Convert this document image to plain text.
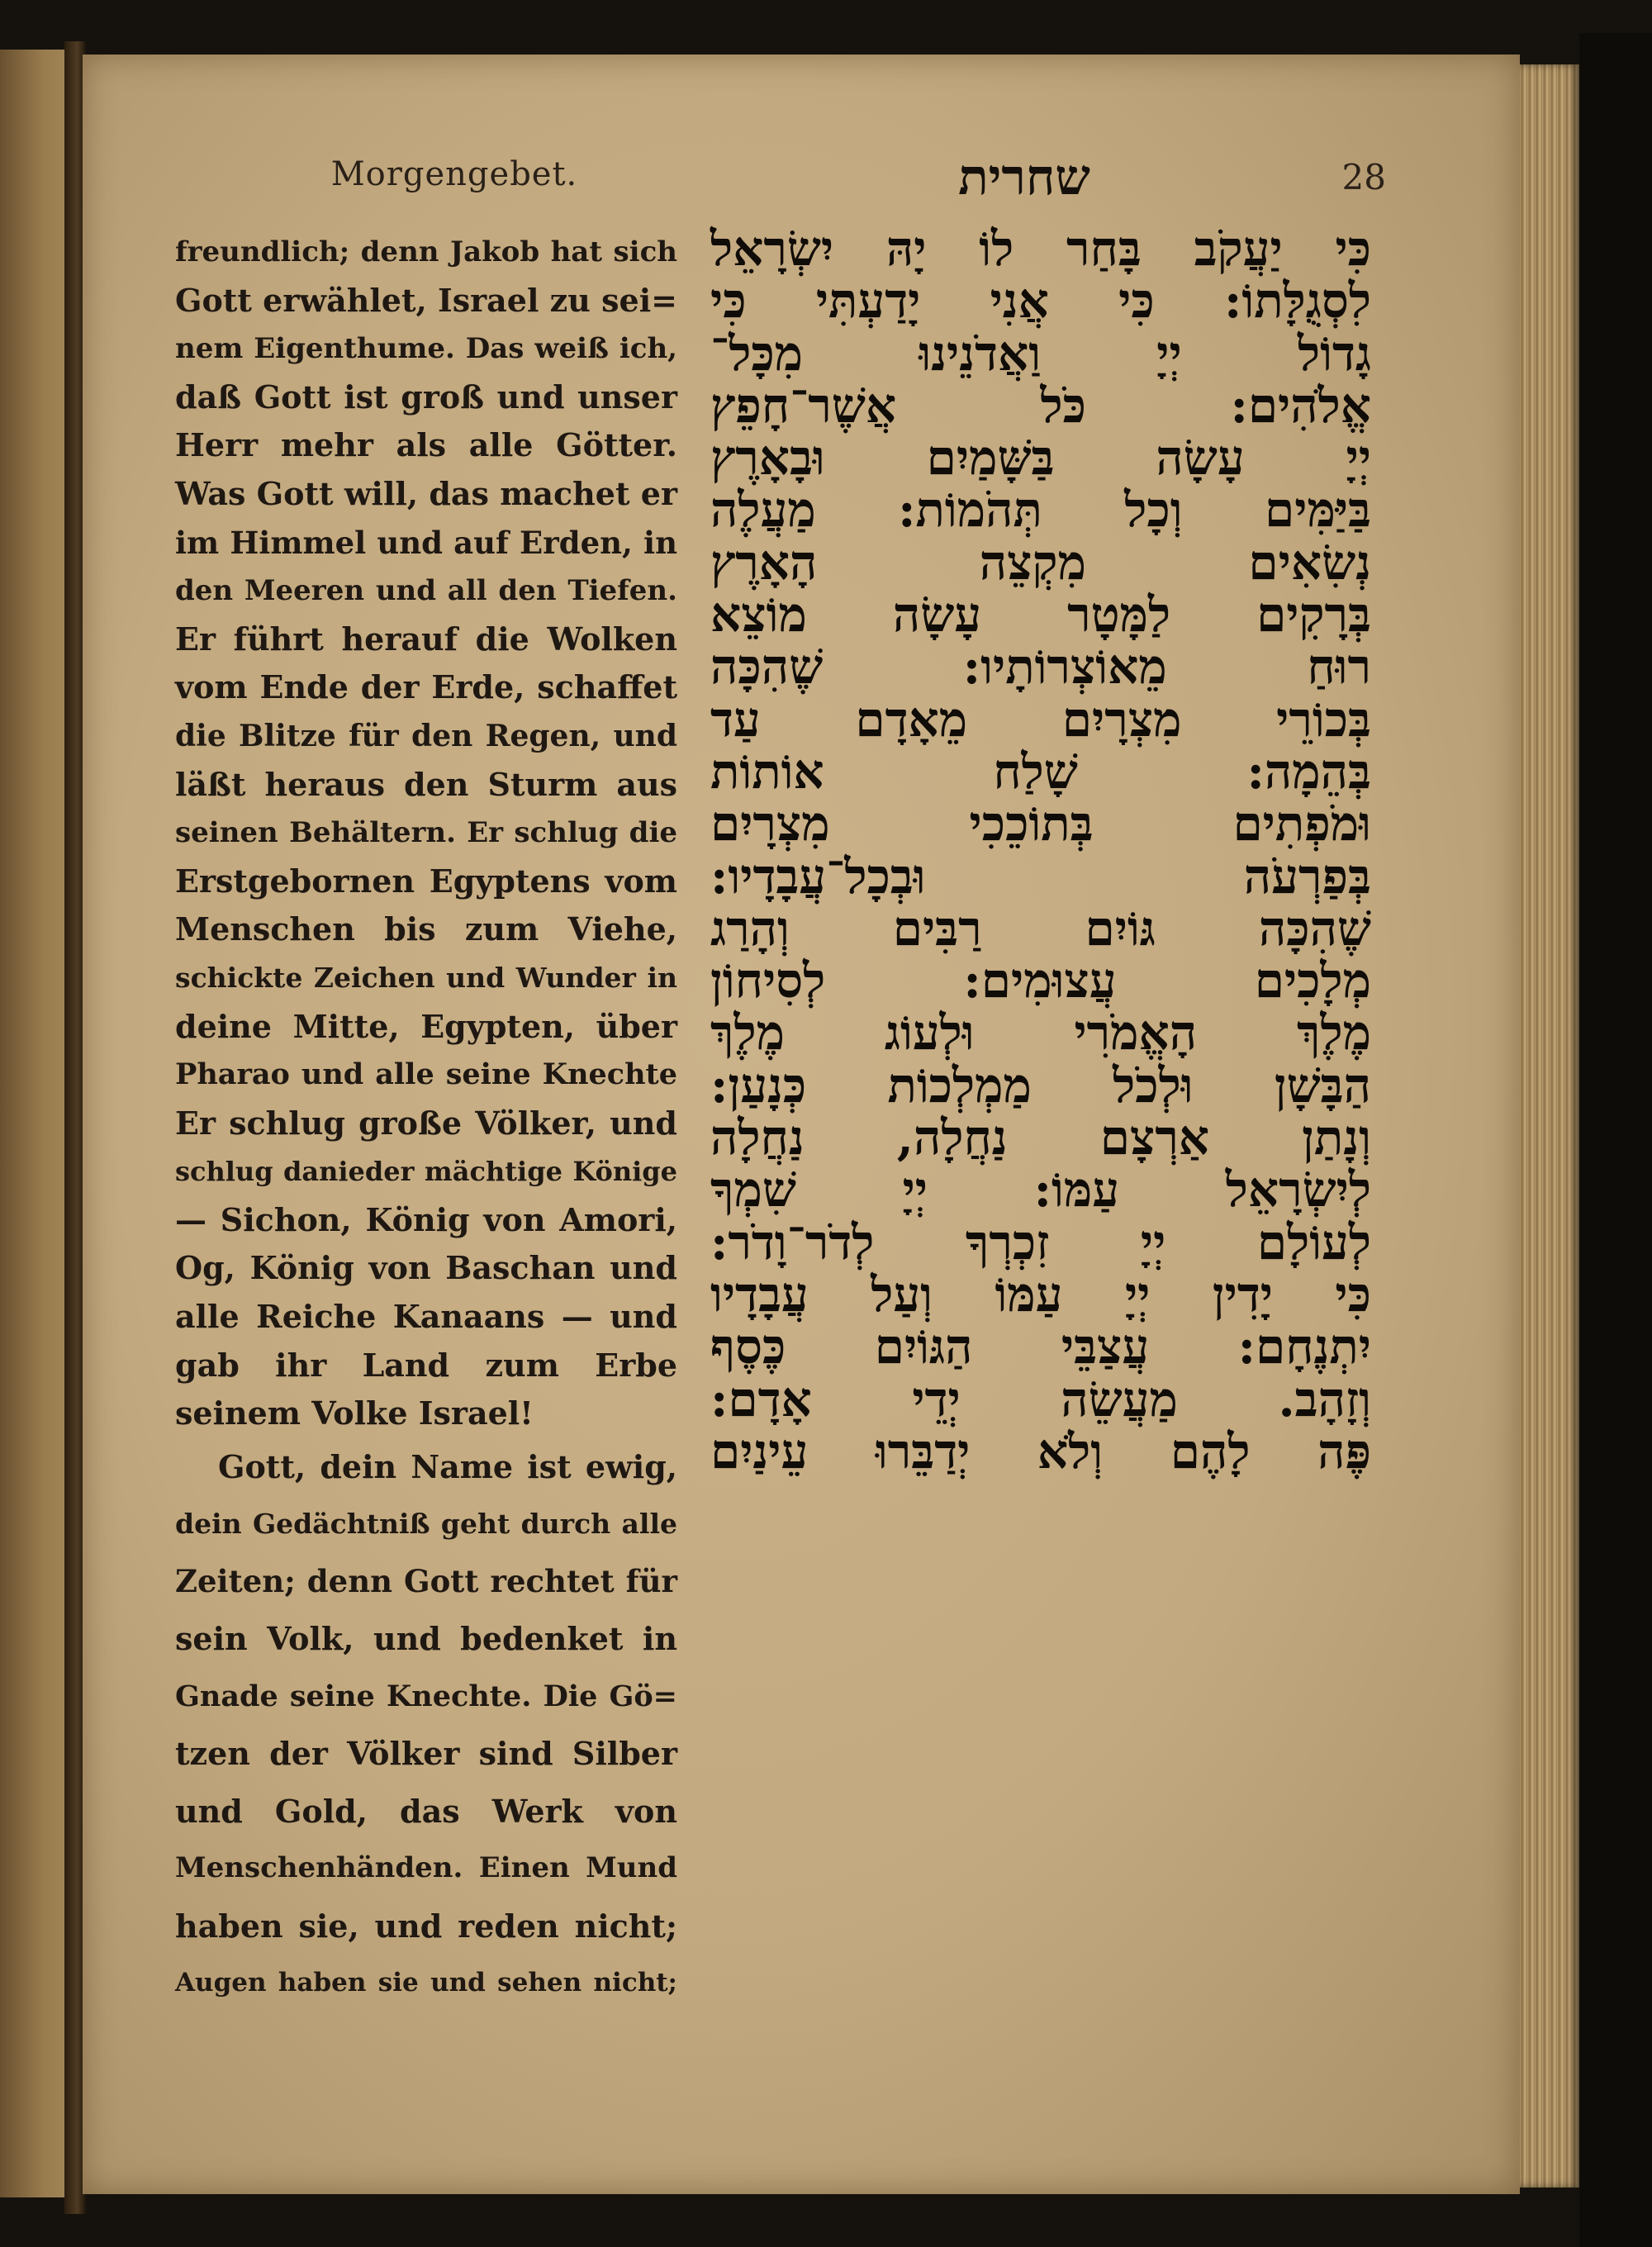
Morgengebet.	שחרית	28
freundlich; denn Jakob hat sich
Gott erwählet, Israel zu sei=
nem Eigenthume. Das weiß ich,
daß Gott ist groß und unser
Herr mehr als alle Götter.
Was Gott will, das machet er
im Himmel und auf Erden, in
den Meeren und all den Tiefen.
Er führt herauf die Wolken
vom Ende der Erde, schaffet
die Blitze für den Regen, und
läßt heraus den Sturm aus
seinen Behältern. Er schlug die
Erstgebornen Egyptens vom
Menschen bis zum Viehe,
schickte Zeichen und Wunder in
deine Mitte, Egypten, über
Pharao und alle seine Knechte
Er schlug große Völker, und
schlug danieder mächtige Könige
— Sichon, König von Amori,
Og, König von Baschan und
alle Reiche Kanaans — und
gab ihr Land zum Erbe
seinem Volke Israel!
Gott, dein Name ist ewig,
dein Gedächtniß geht durch alle
Zeiten; denn Gott rechtet für
sein Volk, und bedenket in
Gnade seine Knechte. Die Gö=
tzen der Völker sind Silber
und Gold, das Werk von
Menschenhänden. Einen Mund
haben sie, und reden nicht;
Augen haben sie und sehen nicht;
כִּי יַעֲקֹב בָּחַר לוֹ יָהּ יִשְׂרָאֵל
לִסְגֻלָּתוֹ: כִּי אֲנִי יָדַעְתִּי כִּי
גָדוֹל יְיָ וַאֲדֹנֵינוּ מִכָּל־
אֱלֹהִים: כֹּל אֲשֶׁר־חָפֵץ
יְיָ עָשָׂה בַּשָּׁמַיִם וּבָאָרֶץ
בַּיַּמִּים וְכָל תְּהֹמוֹת: מַעֲלֶה
נְשִׂאִים מִקְצֵה הָאָרֶץ
בְּרָקִים לַמָּטָר עָשָׂה מוֹצֵא
רוּחַ מֵאוֹצְרוֹתָיו: שֶׁהִכָּה
בְּכוֹרֵי מִצְרָיִם מֵאָדָם עַד
בְּהֵמָה: שָׁלַח אוֹתוֹת
וּמֹפְתִים בְּתוֹכֵכִי מִצְרָיִם
בְּפַרְעֹה וּבְכָל־עֲבָדָיו:
שֶׁהִכָּה גּוֹיִם רַבִּים וְהָרַג
מְלָכִים עֲצוּמִים: לְסִיחוֹן
מֶלֶךְ הָאֱמֹרִי וּלְעוֹג מֶלֶךְ
הַבָּשָׁן וּלְכֹל מַמְלְכוֹת כְּנָעַן:
וְנָתַן אַרְצָם נַחֲלָה, נַחֲלָה
לְיִשְׂרָאֵל עַמּוֹ: יְיָ שִׁמְךָ
לְעוֹלָם יְיָ זִכְרְךָ לְדֹר־וָדֹר:
כִּי יָדִין יְיָ עַמּוֹ וְעַל עֲבָדָיו
יִתְנֶחָם: עֲצַבֵּי הַגּוֹיִם כֶּסֶף
וְזָהָב. מַעֲשֵׂה יְדֵי אָדָם:
פֶּה לָהֶם וְלֹא יְדַבֵּרוּ עֵינַיִם
